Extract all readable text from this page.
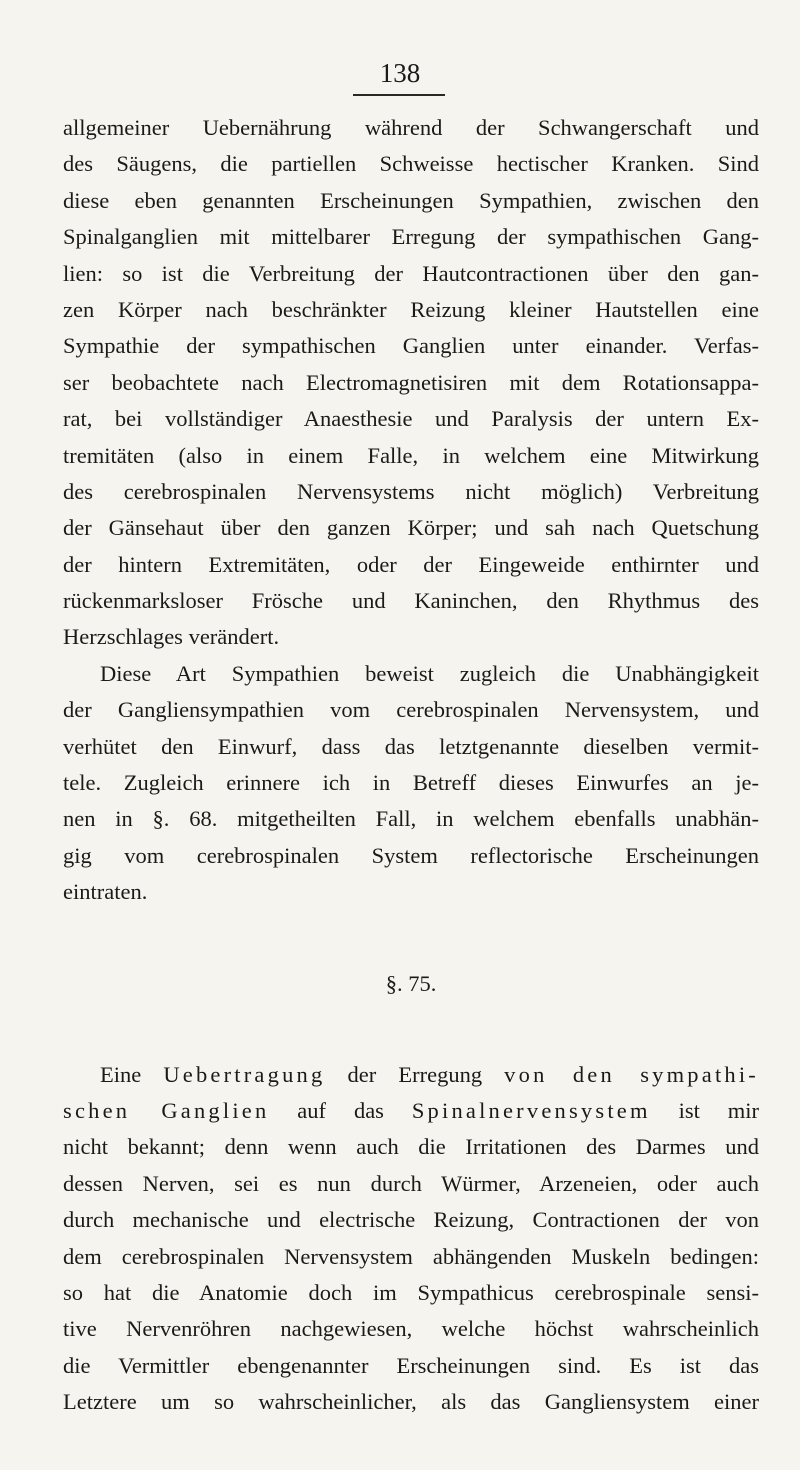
138
allgemeiner Uebernährung während der Schwangerschaft und
des Säugens, die partiellen Schweisse hectischer Kranken. Sind
diese eben genannten Erscheinungen Sympathien, zwischen den
Spinalganglien mit mittelbarer Erregung der sympathischen Gang-
lien: so ist die Verbreitung der Hautcontractionen über den gan-
zen Körper nach beschränkter Reizung kleiner Hautstellen eine
Sympathie der sympathischen Ganglien unter einander. Verfas-
ser beobachtete nach Electromagnetisiren mit dem Rotationsappa-
rat, bei vollständiger Anaesthesie und Paralysis der untern Ex-
tremitäten (also in einem Falle, in welchem eine Mitwirkung
des cerebrospinalen Nervensystems nicht möglich) Verbreitung
der Gänsehaut über den ganzen Körper; und sah nach Quetschung
der hintern Extremitäten, oder der Eingeweide enthirnter und
rückenmarksloser Frösche und Kaninchen, den Rhythmus des
Herzschlages verändert.
Diese Art Sympathien beweist zugleich die Unabhängigkeit
der Gangliensympathien vom cerebrospinalen Nervensystem, und
verhütet den Einwurf, dass das letztgenannte dieselben vermit-
tele. Zugleich erinnere ich in Betreff dieses Einwurfes an je-
nen in §. 68. mitgetheilten Fall, in welchem ebenfalls unabhän-
gig vom cerebrospinalen System reflectorische Erscheinungen
eintraten.
§. 75.
Eine Uebertragung der Erregung von den sympathi-
schen Ganglien auf das Spinalnervensystem ist mir
nicht bekannt; denn wenn auch die Irritationen des Darmes und
dessen Nerven, sei es nun durch Würmer, Arzeneien, oder auch
durch mechanische und electrische Reizung, Contractionen der von
dem cerebrospinalen Nervensystem abhängenden Muskeln bedingen:
so hat die Anatomie doch im Sympathicus cerebrospinale sensi-
tive Nervenröhren nachgewiesen, welche höchst wahrscheinlich
die Vermittler ebengenannter Erscheinungen sind. Es ist das
Letztere um so wahrscheinlicher, als das Gangliensystem einer
